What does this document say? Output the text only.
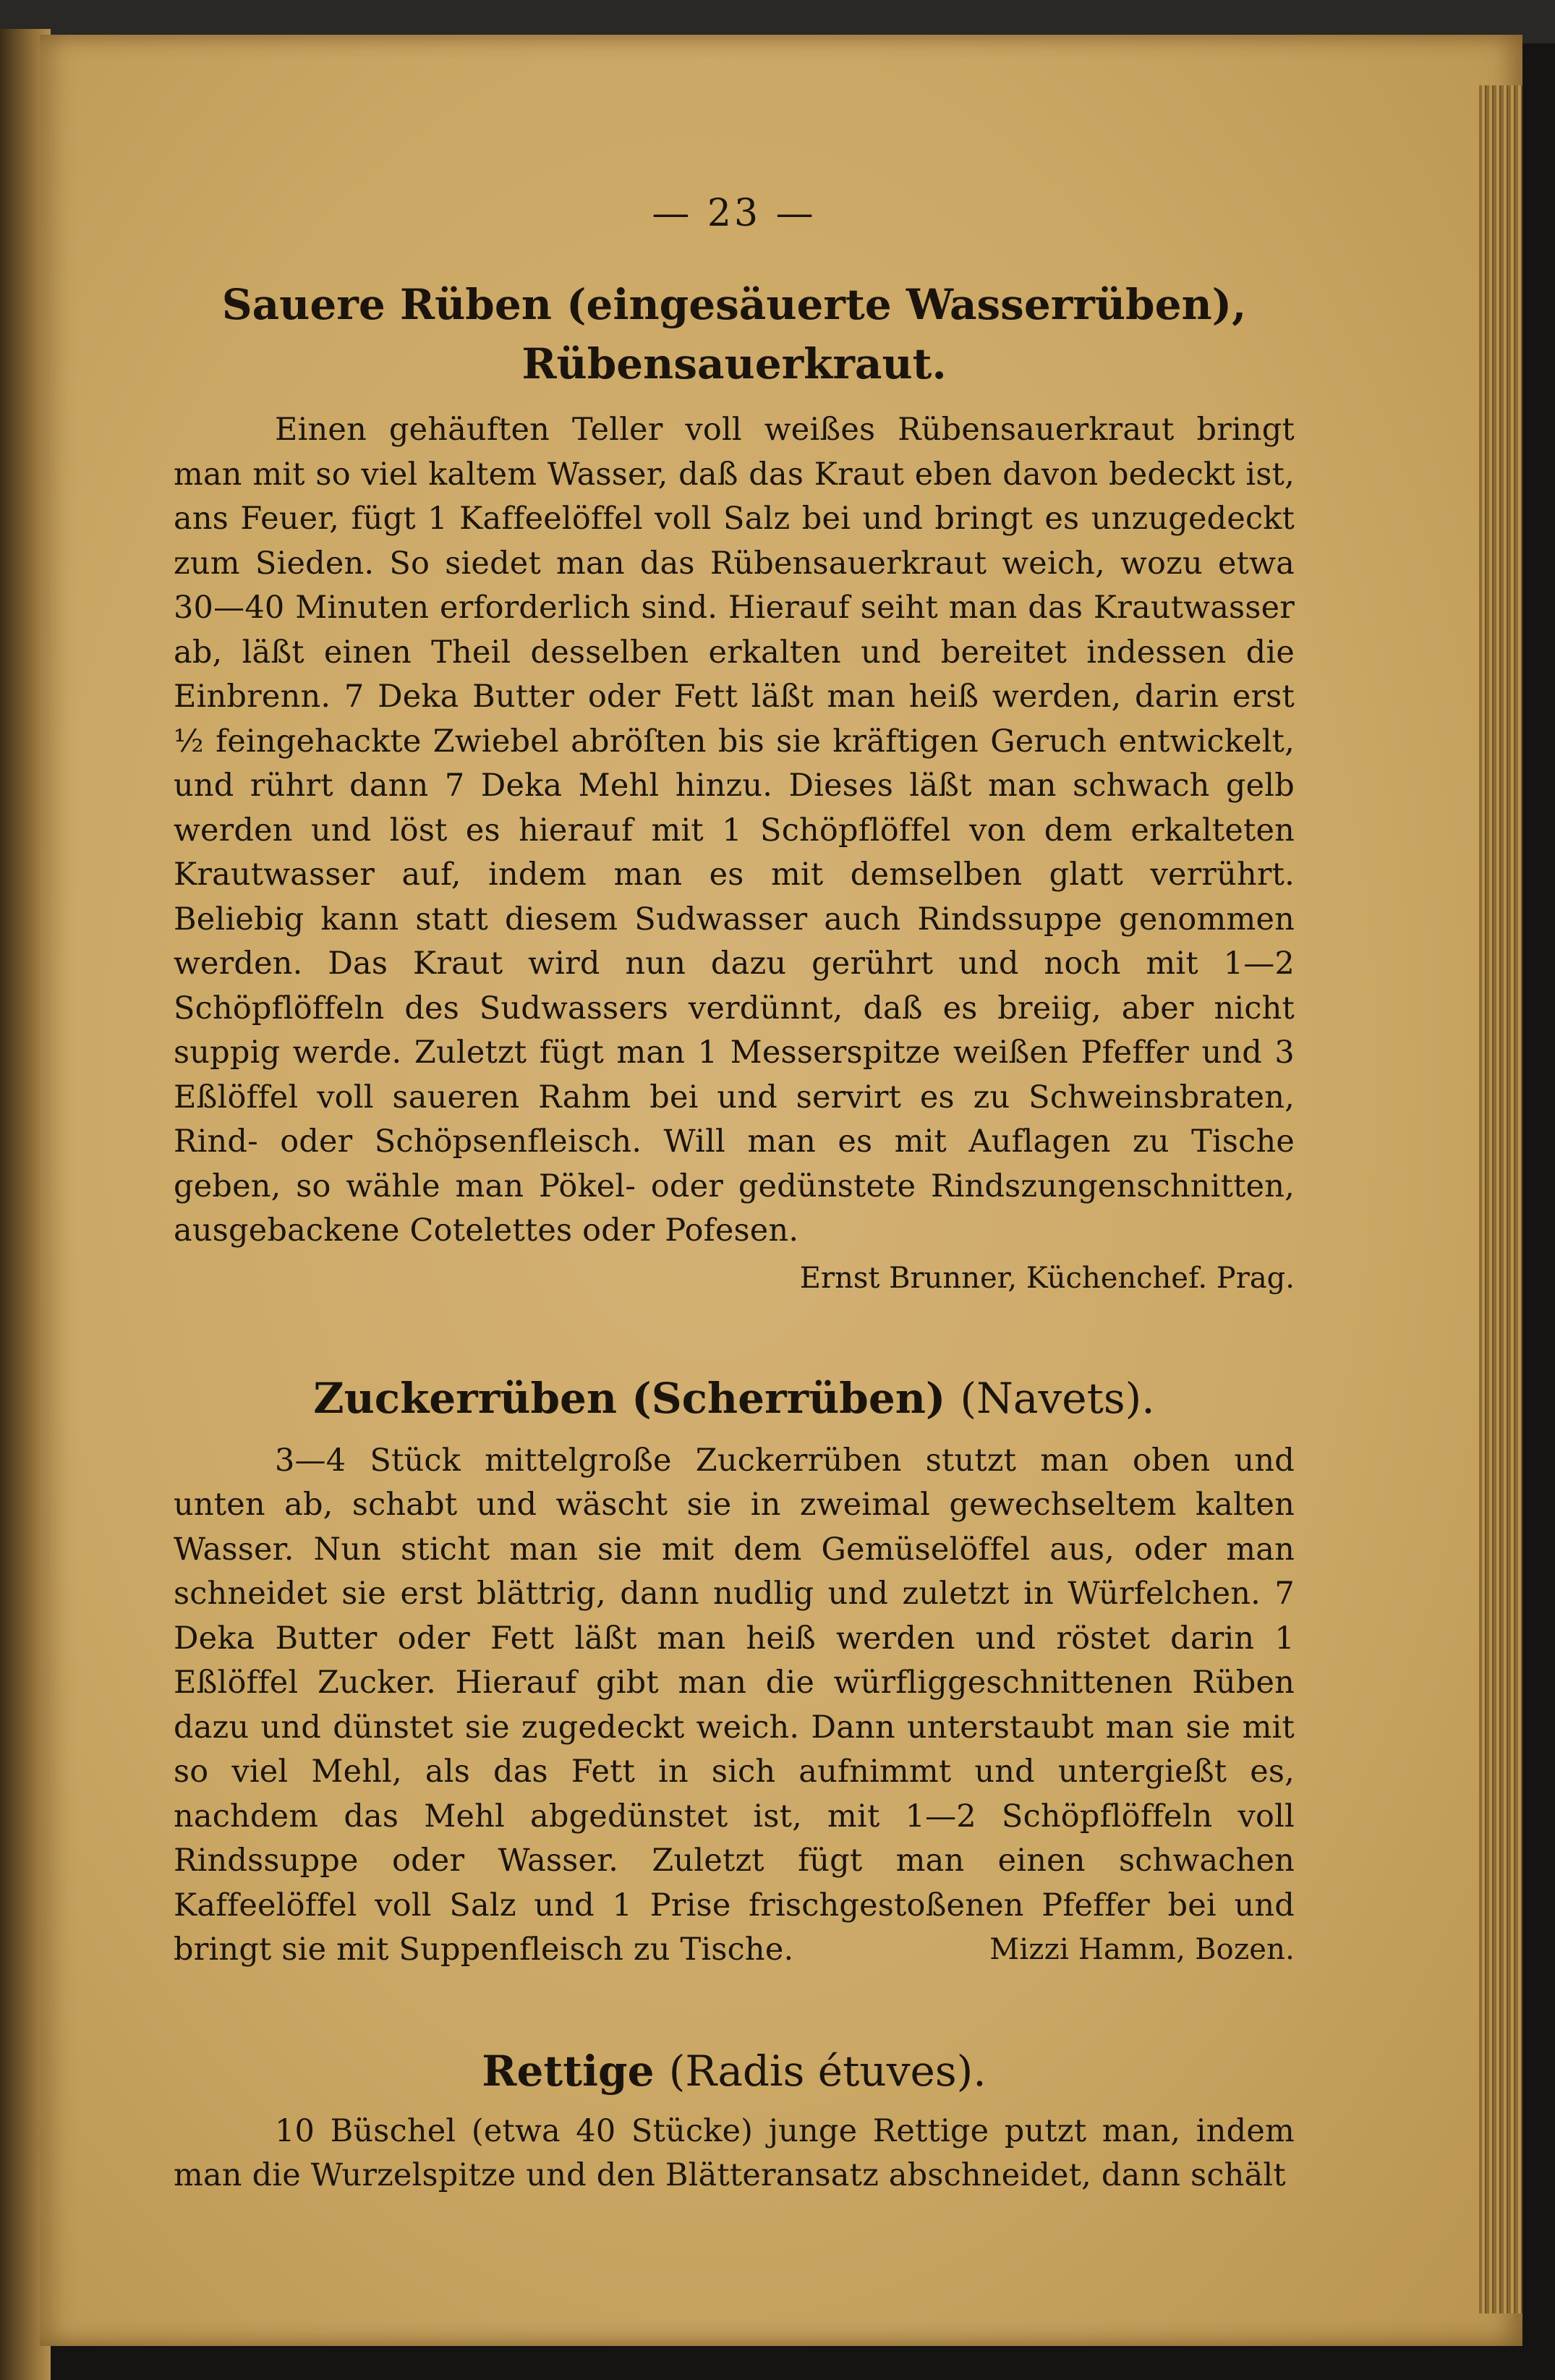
— 23 —
Sauere Rüben (eingesäuerte Wasserrüben),
Rübensauerkraut.

Einen gehäuften Teller voll weißes Rübensauerkraut bringt man mit so viel kaltem Wasser, daß das Kraut eben davon bedeckt ist, ans Feuer, fügt 1 Kaffeelöffel voll Salz bei und bringt es unzugedeckt zum Sieden. So siedet man das Rübensauerkraut weich, wozu etwa 30—40 Minuten erforderlich sind. Hierauf seiht man das Krautwasser ab, läßt einen Theil desselben erkalten und bereitet indessen die Einbrenn. 7 Deka Butter oder Fett läßt man heiß werden, darin erst ½ feingehackte Zwiebel abröſten bis sie kräftigen Geruch entwickelt, und rührt dann 7 Deka Mehl hinzu. Dieses läßt man schwach gelb werden und löst es hierauf mit 1 Schöpflöffel von dem erkalteten Krautwasser auf, indem man es mit demselben glatt verrührt. Beliebig kann statt diesem Sudwasser auch Rindssuppe genommen werden. Das Kraut wird nun dazu gerührt und noch mit 1—2 Schöpflöffeln des Sudwassers verdünnt, daß es breiig, aber nicht suppig werde. Zuletzt fügt man 1 Messerspitze weißen Pfeffer und 3 Eßlöffel voll saueren Rahm bei und servirt es zu Schweinsbraten, Rind- oder Schöpsenfleisch. Will man es mit Auflagen zu Tische geben, so wähle man Pökel- oder gedünstete Rindszungenschnitten, ausgebackene Cotelettes oder Pofesen.

Ernst Brunner, Küchenchef. Prag.
Zuckerrüben (Scherrüben) (Navets).

3—4 Stück mittelgroße Zuckerrüben stutzt man oben und unten ab, schabt und wäscht sie in zweimal gewechseltem kalten Wasser. Nun sticht man sie mit dem Gemüselöffel aus, oder man schneidet sie erst blättrig, dann nudlig und zuletzt in Würfelchen. 7 Deka Butter oder Fett läßt man heiß werden und röstet darin 1 Eßlöffel Zucker. Hierauf gibt man die würfliggeschnittenen Rüben dazu und dünstet sie zugedeckt weich. Dann unterstaubt man sie mit so viel Mehl, als das Fett in sich aufnimmt und untergießt es, nachdem das Mehl abgedünstet ist, mit 1—2 Schöpflöffeln voll Rindssuppe oder Wasser. Zuletzt fügt man einen schwachen Kaffeelöffel voll Salz und 1 Prise frischgestoßenen Pfeffer bei und bringt sie mit Suppenfleisch zu Tische.	Mizzi Hamm, Bozen.

Rettige (Radis étuves).

10 Büschel (etwa 40 Stücke) junge Rettige putzt man, indem man die Wurzelspitze und den Blätteransatz abschneidet, dann schält
